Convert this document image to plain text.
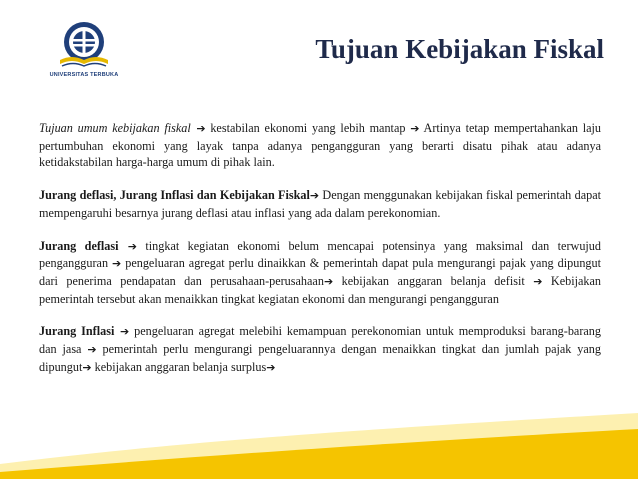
UNIVERSITAS TERBUKA
Tujuan Kebijakan Fiskal

Tujuan umum kebijakan fiskal ➔ kestabilan ekonomi yang lebih mantap ➔ Artinya tetap mempertahankan laju pertumbuhan ekonomi yang layak tanpa adanya pengangguran yang berarti disatu pihak atau adanya ketidakstabilan harga-harga umum di pihak lain.

Jurang deflasi, Jurang Inflasi dan Kebijakan Fiskal➔ Dengan menggunakan kebijakan fiskal pemerintah dapat mempengaruhi besarnya jurang deflasi atau inflasi yang ada dalam perekonomian.

Jurang deflasi ➔ tingkat kegiatan ekonomi belum mencapai potensinya yang maksimal dan terwujud pengangguran ➔ pengeluaran agregat perlu dinaikkan & pemerintah dapat pula mengurangi pajak yang dipungut dari penerima pendapatan dan perusahaan-perusahaan➔ kebijakan anggaran belanja defisit ➔ Kebijakan pemerintah tersebut akan menaikkan tingkat kegiatan ekonomi dan mengurangi pengangguran

Jurang Inflasi ➔ pengeluaran agregat melebihi kemampuan perekonomian untuk memproduksi barang-barang dan jasa ➔ pemerintah perlu mengurangi pengeluarannya dengan menaikkan tingkat dan jumlah pajak yang dipungut➔ kebijakan anggaran belanja surplus➔
